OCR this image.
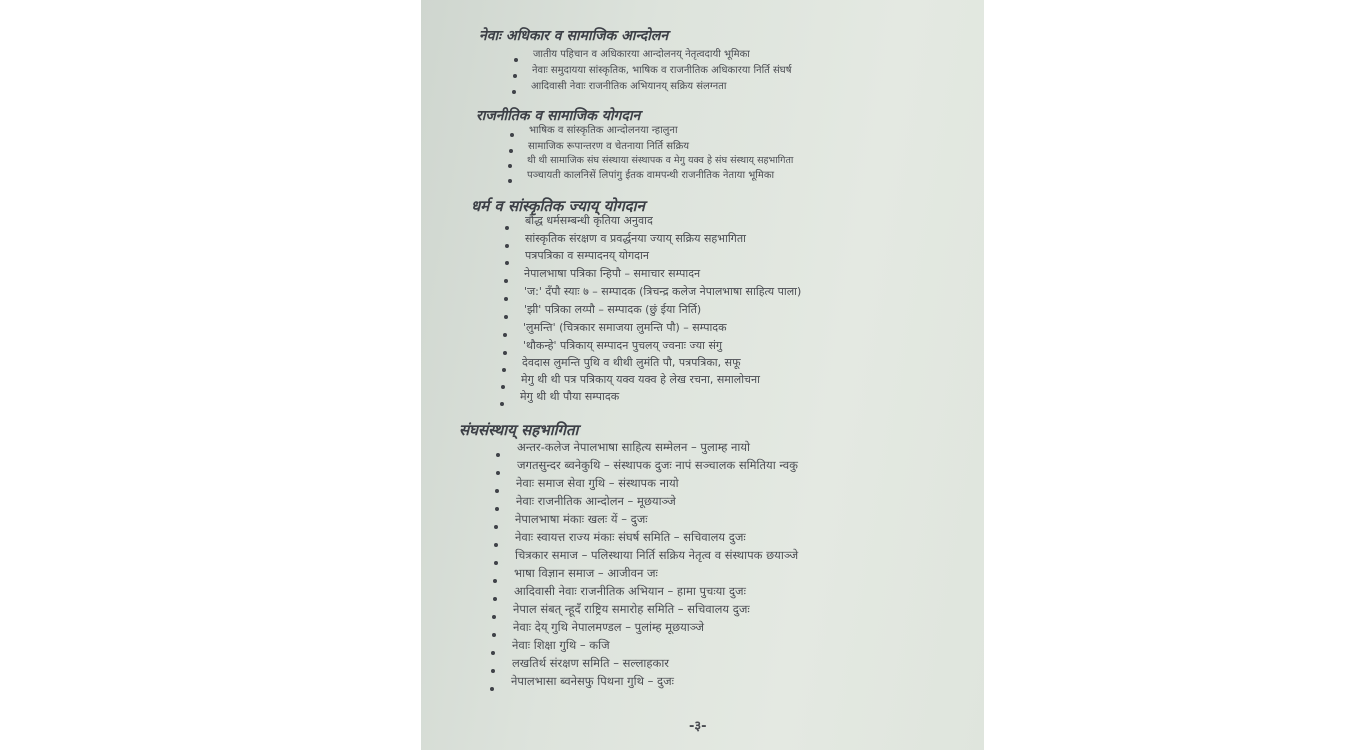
नेवाः अधिकार व सामाजिक आन्दोलन
जातीय पहिचान व अधिकारया आन्दोलनय् नेतृत्वदायी भूमिका
नेवाः समुदायया सांस्कृतिक, भाषिक व राजनीतिक अधिकारया निर्ति संघर्ष
आदिवासी नेवाः राजनीतिक अभियानय् सक्रिय संलग्नता
राजनीतिक व सामाजिक योगदान
भाषिक व सांस्कृतिक आन्दोलनया न्हालुना
सामाजिक रूपान्तरण व चेतनाया निर्ति सक्रिय
थी थी सामाजिक संघ संस्थाया संस्थापक व मेगु यक्व हे संघ संस्थाय् सहभागिता
पञ्चायती कालनिसें लिपांगु ईतक वामपन्थी राजनीतिक नेताया भूमिका
धर्म व सांस्कृतिक ज्याय् योगदान
बौद्ध धर्मसम्बन्धी कृतिया अनुवाद
सांस्कृतिक संरक्षण व प्रवर्द्धनया ज्याय् सक्रिय सहभागिता
पत्रपत्रिका व सम्पादनय् योगदान
नेपालभाषा पत्रिका न्हिपौ – समाचार सम्पादन
'ज:' दँपौ स्याः ७ – सम्पादक (त्रिचन्द्र कलेज नेपालभाषा साहित्य पाला)
'झी' पत्रिका लय्पौ – सम्पादक (छुं ईया निर्ति)
'लुमन्ति' (चित्रकार समाजया लुमन्ति पौ) – सम्पादक
'थौकन्हे' पत्रिकाय् सम्पादन पुचलय् ज्वनाः ज्या संगु
देवदास लुमन्ति पुथि व थीथी लुमंति पौ, पत्रपत्रिका, सफू
मेगु थी थी पत्र पत्रिकाय् यक्व यक्व हे लेख रचना, समालोचना
मेगु थी थी पौया सम्पादक
संघसंस्थाय् सहभागिता
अन्तर-कलेज नेपालभाषा साहित्य सम्मेलन – पुलाम्ह नायो
जगतसुन्दर ब्वनेकुथि – संस्थापक दुजः नापं सञ्चालक समितिया न्वकु
नेवाः समाज सेवा गुथि – संस्थापक नायो
नेवाः राजनीतिक आन्दोलन – मूछयाञ्जे
नेपालभाषा मंकाः खलः यें – दुजः
नेवाः स्वायत्त राज्य मंकाः संघर्ष समिति – सचिवालय दुजः
चित्रकार समाज – पलिस्थाया निर्ति सक्रिय नेतृत्व व संस्थापक छयाञ्जे
भाषा विज्ञान समाज – आजीवन जः
आदिवासी नेवाः राजनीतिक अभियान – हामा पुचःया दुजः
नेपाल संबत् न्हूदँ राष्ट्रिय समारोह समिति – सचिवालय दुजः
नेवाः देय् गुथि नेपालमण्डल – पुलांम्ह मूछयाञ्जे
नेवाः शिक्षा गुथि – कजि
लखतिर्थ संरक्षण समिति – सल्लाहकार
नेपालभासा ब्वनेसफु पिथना गुथि – दुजः
-३-
